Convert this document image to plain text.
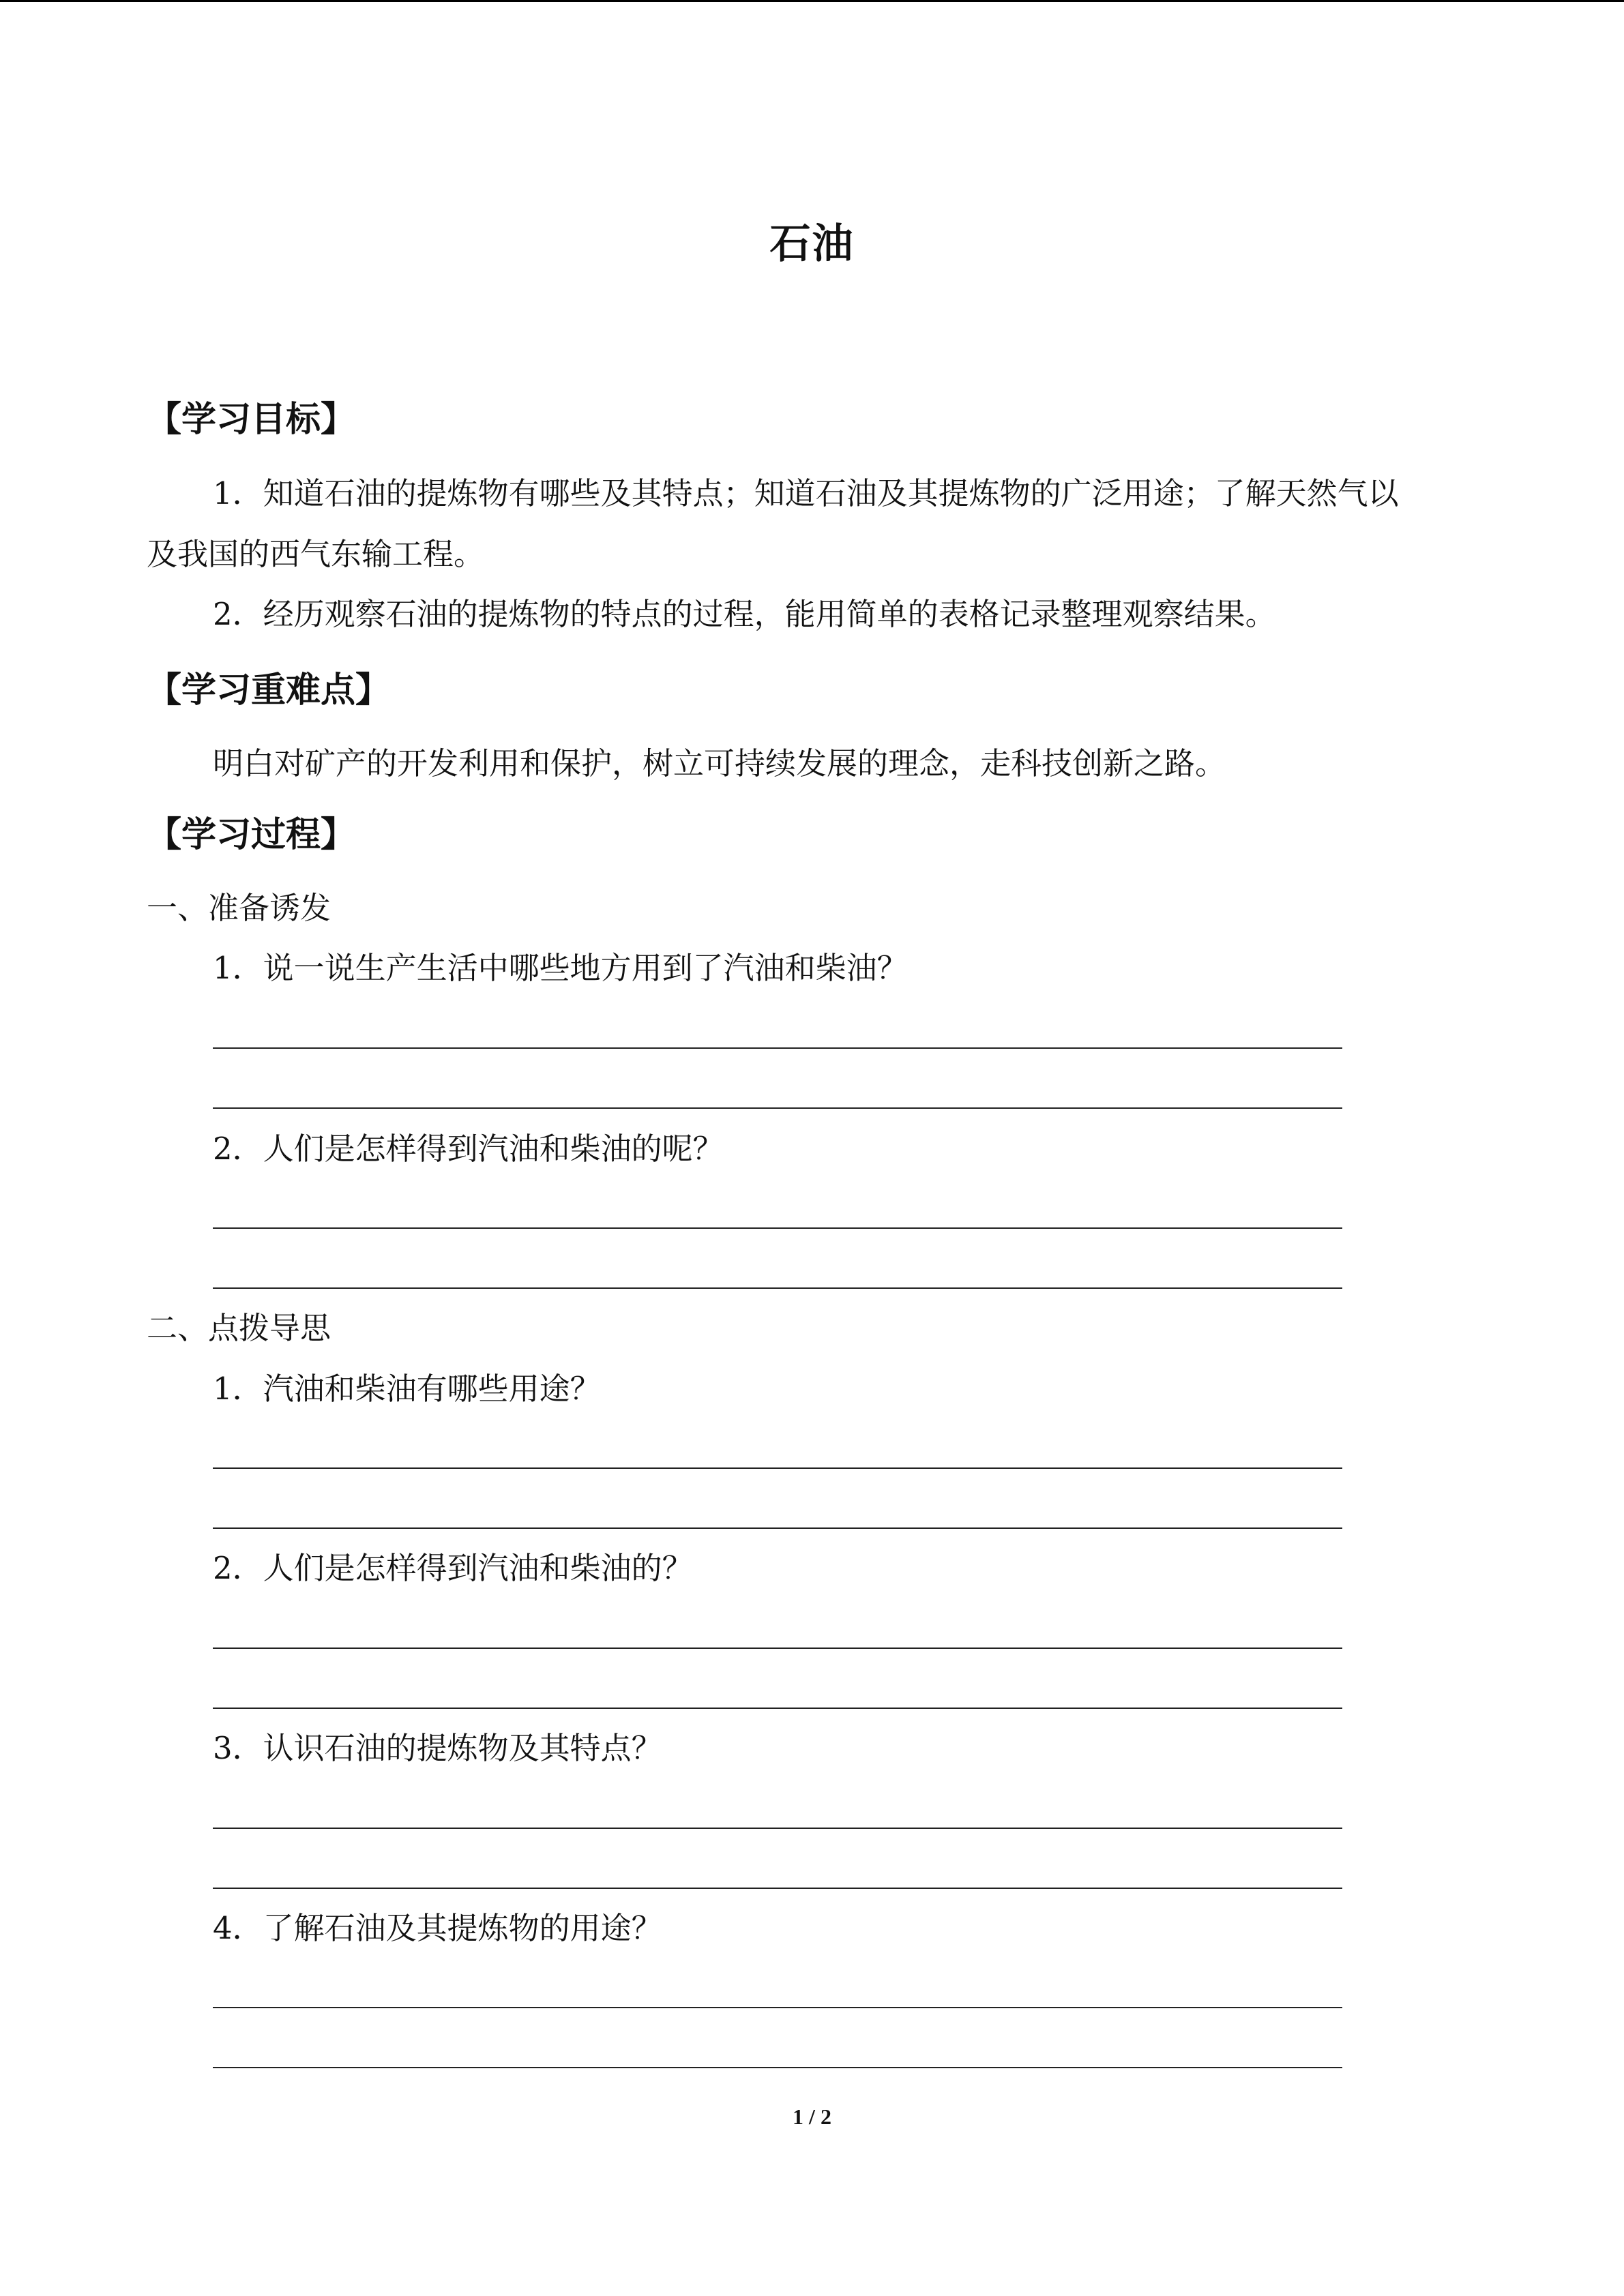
石油
【学习目标】
1．知道石油的提炼物有哪些及其特点；知道石油及其提炼物的广泛用途；了解天然气以
及我国的西气东输工程。
2．经历观察石油的提炼物的特点的过程，能用简单的表格记录整理观察结果。
【学习重难点】
明白对矿产的开发利用和保护，树立可持续发展的理念，走科技创新之路。
【学习过程】
一、准备诱发
1．说一说生产生活中哪些地方用到了汽油和柴油？
2．人们是怎样得到汽油和柴油的呢？
二、点拨导思
1．汽油和柴油有哪些用途？
2．人们是怎样得到汽油和柴油的？
3．认识石油的提炼物及其特点？
4．了解石油及其提炼物的用途？
1 / 2
